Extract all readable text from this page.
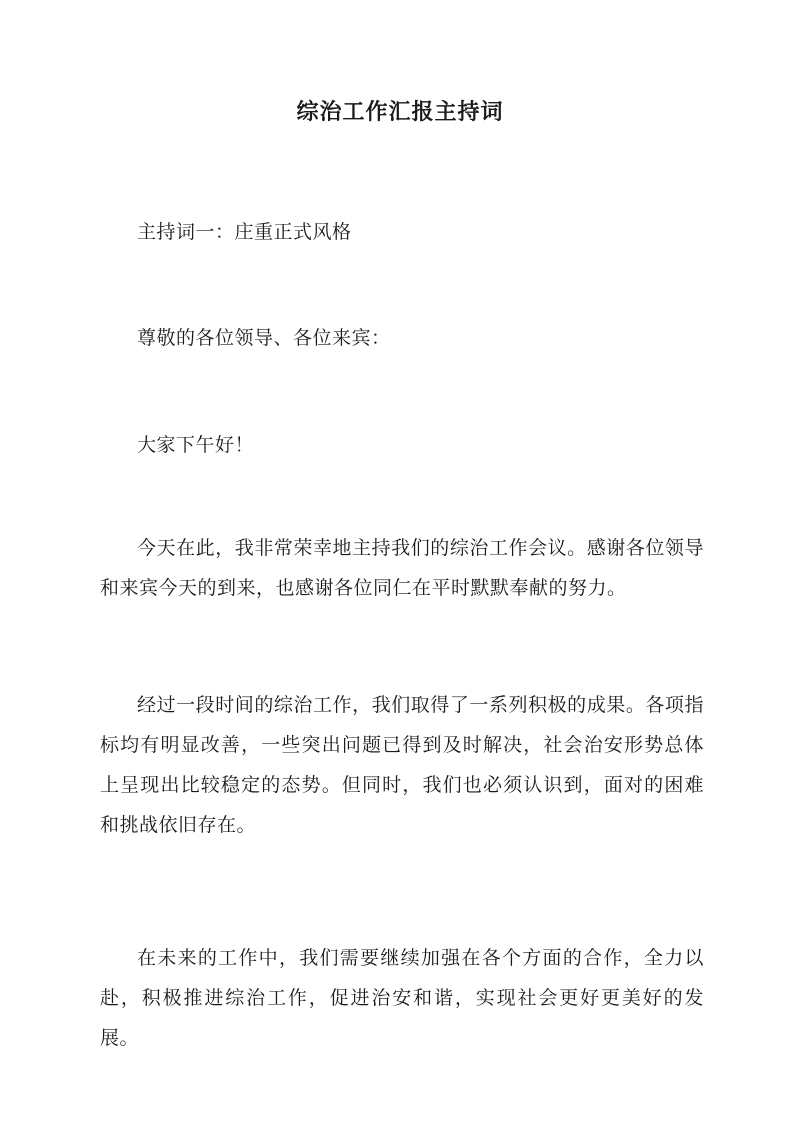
综治工作汇报主持词
主持词一：庄重正式风格
尊敬的各位领导、各位来宾：
大家下午好！
今天在此，我非常荣幸地主持我们的综治工作会议。感谢各位领导和来宾今天的到来，也感谢各位同仁在平时默默奉献的努力。
经过一段时间的综治工作，我们取得了一系列积极的成果。各项指标均有明显改善，一些突出问题已得到及时解决，社会治安形势总体上呈现出比较稳定的态势。但同时，我们也必须认识到，面对的困难和挑战依旧存在。
在未来的工作中，我们需要继续加强在各个方面的合作，全力以赴，积极推进综治工作，促进治安和谐，实现社会更好更美好的发展。
